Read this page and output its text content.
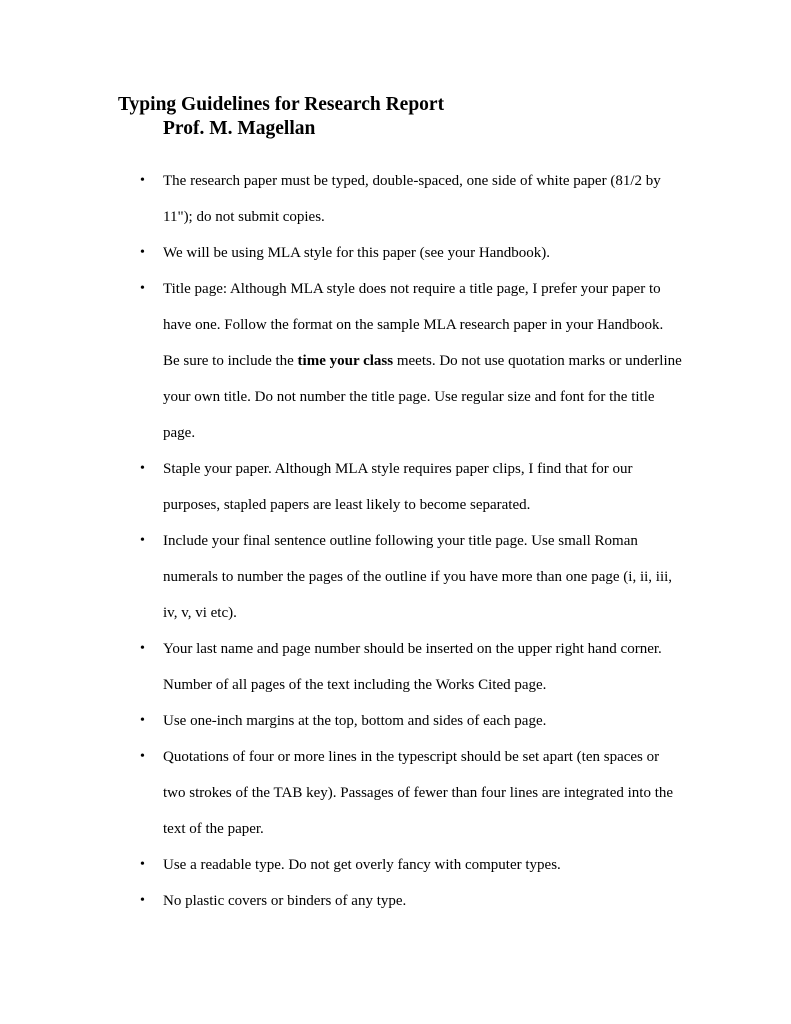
Typing Guidelines for Research Report
Prof. M. Magellan
• The research paper must be typed, double-spaced, one side of white paper (81/2 by 11"); do not submit copies.
• We will be using MLA style for this paper (see your Handbook).
• Title page: Although MLA style does not require a title page, I prefer your paper to have one. Follow the format on the sample MLA research paper in your Handbook. Be sure to include the time your class meets. Do not use quotation marks or underline your own title. Do not number the title page. Use regular size and font for the title page.
• Staple your paper. Although MLA style requires paper clips, I find that for our purposes, stapled papers are least likely to become separated.
• Include your final sentence outline following your title page. Use small Roman numerals to number the pages of the outline if you have more than one page (i, ii, iii, iv, v, vi etc).
• Your last name and page number should be inserted on the upper right hand corner. Number of all pages of the text including the Works Cited page.
• Use one-inch margins at the top, bottom and sides of each page.
• Quotations of four or more lines in the typescript should be set apart (ten spaces or two strokes of the TAB key). Passages of fewer than four lines are integrated into the text of the paper.
• Use a readable type. Do not get overly fancy with computer types.
• No plastic covers or binders of any type.
